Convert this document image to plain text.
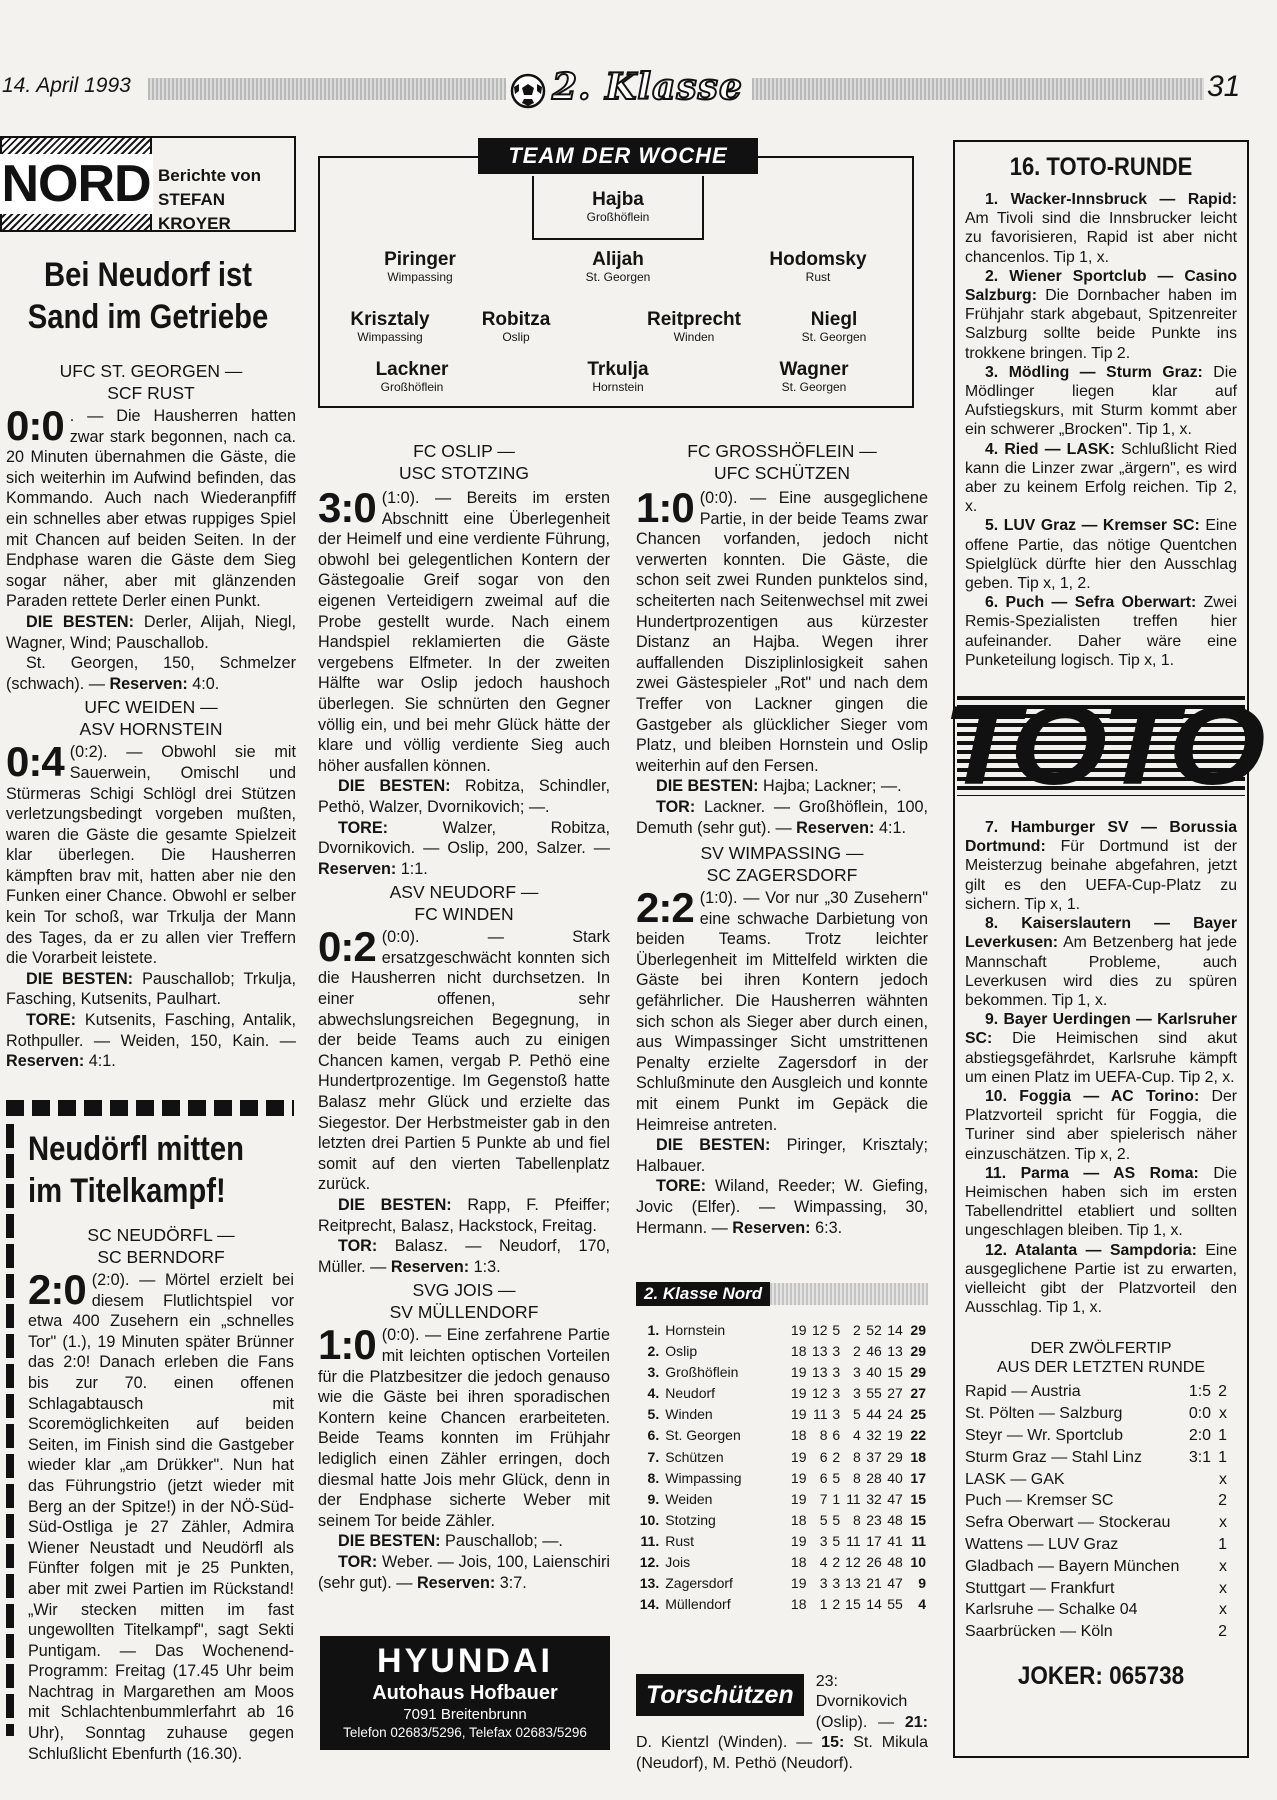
14. April 1993	2. Klasse	31
NORD Berichte von
STEFAN KROYER
Bei Neudorf ist
Sand im Getriebe
UFC ST. GEORGEN —
SCF RUST

0:0 . — Die Hausherren hatten zwar stark begonnen, nach ca. 20 Minuten übernahmen die Gäste, die sich weiterhin im Aufwind befinden, das Kommando. Auch nach Wiederanpfiff ein schnelles aber etwas ruppiges Spiel mit Chancen auf beiden Seiten. In der Endphase waren die Gäste dem Sieg sogar näher, aber mit glänzenden Paraden rettete Derler einen Punkt.

DIE BESTEN: Derler, Alijah, Niegl, Wagner, Wind; Pauschallob.

St. Georgen, 150, Schmelzer (schwach). — Reserven: 4:0.

UFC WEIDEN —
ASV HORNSTEIN

0:4 (0:2). — Obwohl sie mit Sauerwein, Omischl und Stürmeras Schigi Schlögl drei Stützen verletzungsbedingt vorgeben mußten, waren die Gäste die gesamte Spielzeit klar überlegen. Die Hausherren kämpften brav mit, hatten aber nie den Funken einer Chance. Obwohl er selber kein Tor schoß, war Trkulja der Mann des Tages, da er zu allen vier Treffern die Vorarbeit leistete.

DIE BESTEN: Pauschallob; Trkulja, Fasching, Kutsenits, Paulhart.

TORE: Kutsenits, Fasching, Antalik, Rothpuller. — Weiden, 150, Kain. — Reserven: 4:1.

Neudörfl mitten
im Titelkampf!
SC NEUDÖRFL —
SC BERNDORF

2:0 (2:0). — Mörtel erzielt bei diesem Flutlichtspiel vor etwa 400 Zusehern ein „schnelles Tor" (1.), 19 Minuten später Brünner das 2:0! Danach erleben die Fans bis zur 70. einen offenen Schlagabtausch mit Scoremöglichkeiten auf beiden Seiten, im Finish sind die Gastgeber wieder klar „am Drükker". Nun hat das Führungstrio (jetzt wieder mit Berg an der Spitze!) in der NÖ-Süd-Süd-Ostliga je 27 Zähler, Admira Wiener Neustadt und Neudörfl als Fünfter folgen mit je 25 Punkten, aber mit zwei Partien im Rückstand! „Wir stecken mitten im fast ungewollten Titelkampf", sagt Sekti Puntigam. — Das Wochenend-Programm: Freitag (17.45 Uhr beim Nachtrag in Margarethen am Moos mit Schlachtenbummlerfahrt ab 16 Uhr), Sonntag zuhause gegen Schlußlicht Ebenfurth (16.30).

TEAM DER WOCHE
Hajba
Großhöflein
Piringer
Wimpassing
Alijah
St. Georgen
Hodomsky
Rust
Krisztaly
Wimpassing
Robitza
Oslip
Reitprecht
Winden
Niegl
St. Georgen
Lackner
Großhöflein
Trkulja
Hornstein
Wagner
St. Georgen
FC OSLIP —
USC STOTZING

3:0 (1:0). — Bereits im ersten Abschnitt eine Überlegenheit der Heimelf und eine verdiente Führung, obwohl bei gelegentlichen Kontern der Gästegoalie Greif sogar von den eigenen Verteidigern zweimal auf die Probe gestellt wurde. Nach einem Handspiel reklamierten die Gäste vergebens Elfmeter. In der zweiten Hälfte war Oslip jedoch haushoch überlegen. Sie schnürten den Gegner völlig ein, und bei mehr Glück hätte der klare und völlig verdiente Sieg auch höher ausfallen können.

DIE BESTEN: Robitza, Schindler, Pethö, Walzer, Dvornikovich; —.

TORE:	Walzer, Robitza, Dvornikovich. — Oslip, 200, Salzer. — Reserven: 1:1.

ASV NEUDORF —
FC WINDEN

0:2 (0:0). — Stark ersatzgeschwächt konnten sich die Hausherren nicht durchsetzen. In einer offenen, sehr abwechslungsreichen Begegnung, in der beide Teams auch zu einigen Chancen kamen, vergab P. Pethö eine Hundertprozentige. Im Gegenstoß hatte Balasz mehr Glück und erzielte das Siegestor. Der Herbstmeister gab in den letzten drei Partien 5 Punkte ab und fiel somit auf den vierten Tabellenplatz zurück.

DIE BESTEN: Rapp, F. Pfeiffer; Reitprecht, Balasz, Hackstock, Freitag.

TOR: Balasz. — Neudorf, 170, Müller. — Reserven: 1:3.

SVG JOIS —
SV MÜLLENDORF

1:0 (0:0). — Eine zerfahrene Partie mit leichten optischen Vorteilen für die Platzbesitzer die jedoch genauso wie die Gäste bei ihren sporadischen Kontern keine Chancen erarbeiteten. Beide Teams konnten im Frühjahr lediglich einen Zähler erringen, doch diesmal hatte Jois mehr Glück, denn in der Endphase sicherte Weber mit seinem Tor beide Zähler.

DIE BESTEN: Pauschallob; —.

TOR: Weber. — Jois, 100, Laienschiri (sehr gut). — Reserven: 3:7.

HYUNDAI
Autohaus Hofbauer
7091 Breitenbrunn
Telefon 02683/5296, Telefax 02683/5296
FC GROSSHÖFLEIN —
UFC SCHÜTZEN

1:0 (0:0). — Eine ausgeglichene Partie, in der beide Teams zwar Chancen vorfanden, jedoch nicht verwerten konnten. Die Gäste, die schon seit zwei Runden punktelos sind, scheiterten nach Seitenwechsel mit zwei Hundertprozentigen aus kürzester Distanz an Hajba. Wegen ihrer auffallenden Disziplinlosigkeit sahen zwei Gästespieler „Rot" und nach dem Treffer von Lackner gingen die Gastgeber als glücklicher Sieger vom Platz, und bleiben Hornstein und Oslip weiterhin auf den Fersen.

DIE BESTEN: Hajba; Lackner; —.

TOR: Lackner. — Großhöflein, 100, Demuth (sehr gut). — Reserven: 4:1.

SV WIMPASSING —
SC ZAGERSDORF

2:2 (1:0). — Vor nur „30 Zusehern" eine schwache Darbietung von beiden Teams. Trotz leichter Überlegenheit im Mittelfeld wirkten die Gäste bei ihren Kontern jedoch gefährlicher. Die Hausherren wähnten sich schon als Sieger aber durch einen, aus Wimpassinger Sicht umstrittenen Penalty erzielte Zagersdorf in der Schlußminute den Ausgleich und konnte mit einem Punkt im Gepäck die Heimreise antreten.

DIE BESTEN: Piringer, Krisztaly; Halbauer.

TORE: Wiland, Reeder; W. Giefing, Jovic (Elfer). — Wimpassing, 30, Hermann. — Reserven: 6:3.

2. Klasse Nord
1.	Hornstein	19	12	5	2	52	14	29
2.	Oslip	18	13	3	2	46	13	29
3.	Großhöflein	19	13	3	3	40	15	29
4.	Neudorf	19	12	3	3	55	27	27
5.	Winden	19	11	3	5	44	24	25
6.	St. Georgen	18	8	6	4	32	19	22
7.	Schützen	19	6	2	8	37	29	18
8.	Wimpassing	19	6	5	8	28	40	17
9.	Weiden	19	7	1	11	32	47	15
10.	Stotzing	18	5	5	8	23	48	15
11.	Rust	19	3	5	11	17	41	11
12.	Jois	18	4	2	12	26	48	10
13.	Zagersdorf	19	3	3	13	21	47	9
14.	Müllendorf	18	1	2	15	14	55	4
Torschützen	23: Dvornikovich (Oslip). — 21: D. Kientzl (Winden). — 15: St. Mikula (Neudorf), M. Pethö (Neudorf).

16. TOTO-RUNDE

1. Wacker-Innsbruck — Rapid: Am Tivoli sind die Innsbrucker leicht zu favorisieren, Rapid ist aber nicht chancenlos. Tip 1, x.

2. Wiener Sportclub — Casino Salzburg: Die Dornbacher haben im Frühjahr stark abgebaut, Spitzenreiter Salzburg sollte beide Punkte ins trokkene bringen. Tip 2.

3. Mödling — Sturm Graz: Die Mödlinger liegen klar auf Aufstiegskurs, mit Sturm kommt aber ein schwerer „Brocken". Tip 1, x.

4. Ried — LASK: Schlußlicht Ried kann die Linzer zwar „ärgern", es wird aber zu keinem Erfolg reichen. Tip 2, x.

5. LUV Graz — Kremser SC: Eine offene Partie, das nötige Quentchen Spielglück dürfte hier den Ausschlag geben. Tip x, 1, 2.

6. Puch — Sefra Oberwart: Zwei Remis-Spezialisten treffen hier aufeinander. Daher wäre eine Punketeilung logisch. Tip x, 1.

TOTO

7. Hamburger SV — Borussia Dortmund: Für Dortmund ist der Meisterzug beinahe abgefahren, jetzt gilt es den UEFA-Cup-Platz zu sichern. Tip x, 1.

8. Kaiserslautern — Bayer Leverkusen: Am Betzenberg hat jede Mannschaft Probleme, auch Leverkusen wird dies zu spüren bekommen. Tip 1, x.

9. Bayer Uerdingen — Karlsruher SC: Die Heimischen sind akut abstiegsgefährdet, Karlsruhe kämpft um einen Platz im UEFA-Cup. Tip 2, x.

10. Foggia — AC Torino: Der Platzvorteil spricht für Foggia, die Turiner sind aber spielerisch näher einzuschätzen. Tip x, 2.

11. Parma — AS Roma: Die Heimischen haben sich im ersten Tabellendrittel etabliert und sollten ungeschlagen bleiben. Tip 1, x.

12. Atalanta — Sampdoria: Eine ausgeglichene Partie ist zu erwarten, vielleicht gibt der Platzvorteil den Ausschlag. Tip 1, x.

DER ZWÖLFERTIP
AUS DER LETZTEN RUNDE
Rapid — Austria	1:5	2
St. Pölten — Salzburg	0:0	x
Steyr — Wr. Sportclub	2:0	1
Sturm Graz — Stahl Linz	3:1	1
LASK — GAK		x
Puch — Kremser SC		2
Sefra Oberwart — Stockerau		x
Wattens — LUV Graz		1
Gladbach — Bayern München		x
Stuttgart — Frankfurt		x
Karlsruhe — Schalke 04		x
Saarbrücken — Köln		2
JOKER: 065738
